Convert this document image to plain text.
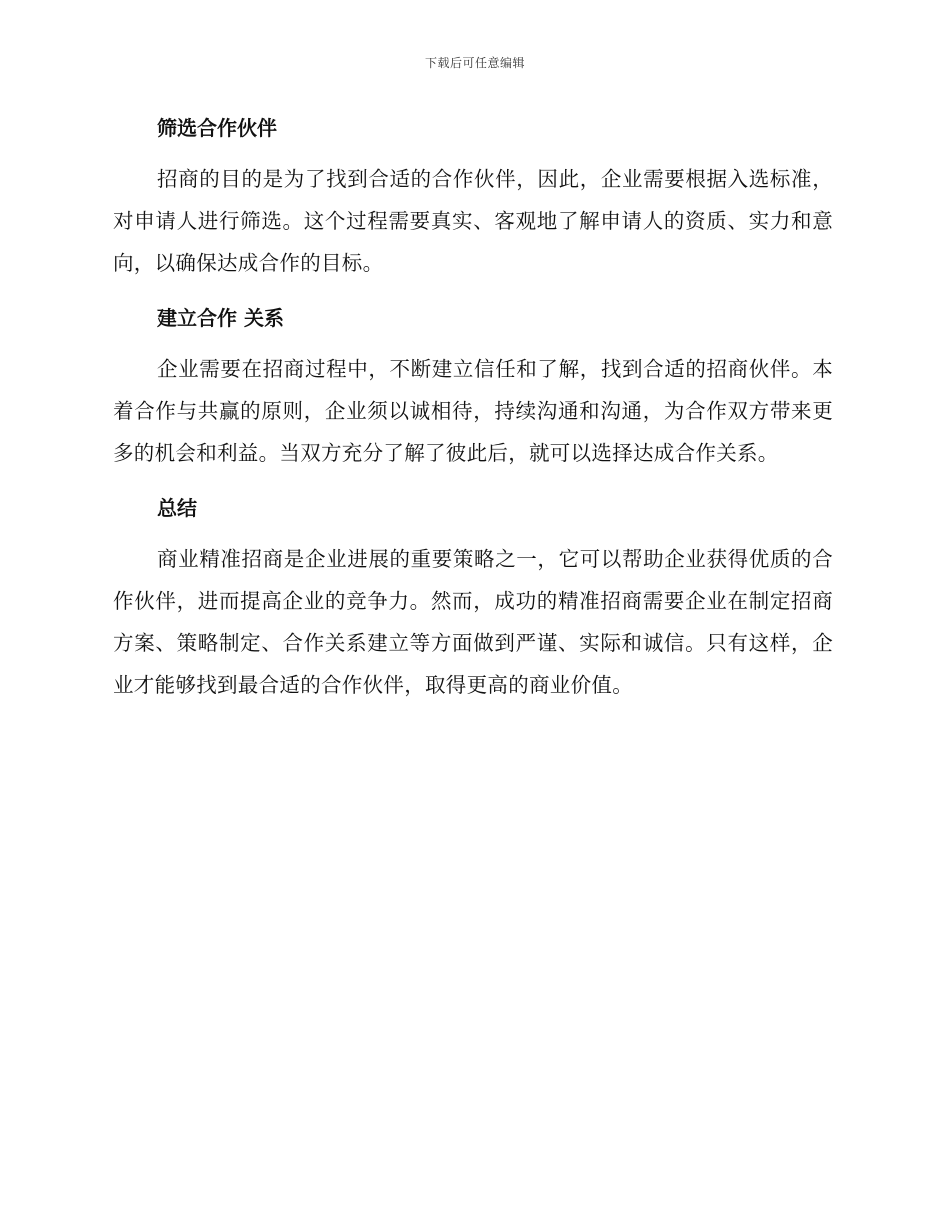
下载后可任意编辑
筛选合作伙伴

招商的目的是为了找到合适的合作伙伴，因此，企业需要根据入选标准，对申请人进行筛选。这个过程需要真实、客观地了解申请人的资质、实力和意向，以确保达成合作的目标。

建立合作 关系

企业需要在招商过程中，不断建立信任和了解，找到合适的招商伙伴。本着合作与共赢的原则，企业须以诚相待，持续沟通和沟通，为合作双方带来更多的机会和利益。当双方充分了解了彼此后，就可以选择达成合作关系。

总结

商业精准招商是企业进展的重要策略之一，它可以帮助企业获得优质的合作伙伴，进而提高企业的竞争力。然而，成功的精准招商需要企业在制定招商方案、策略制定、合作关系建立等方面做到严谨、实际和诚信。只有这样，企业才能够找到最合适的合作伙伴，取得更高的商业价值。
